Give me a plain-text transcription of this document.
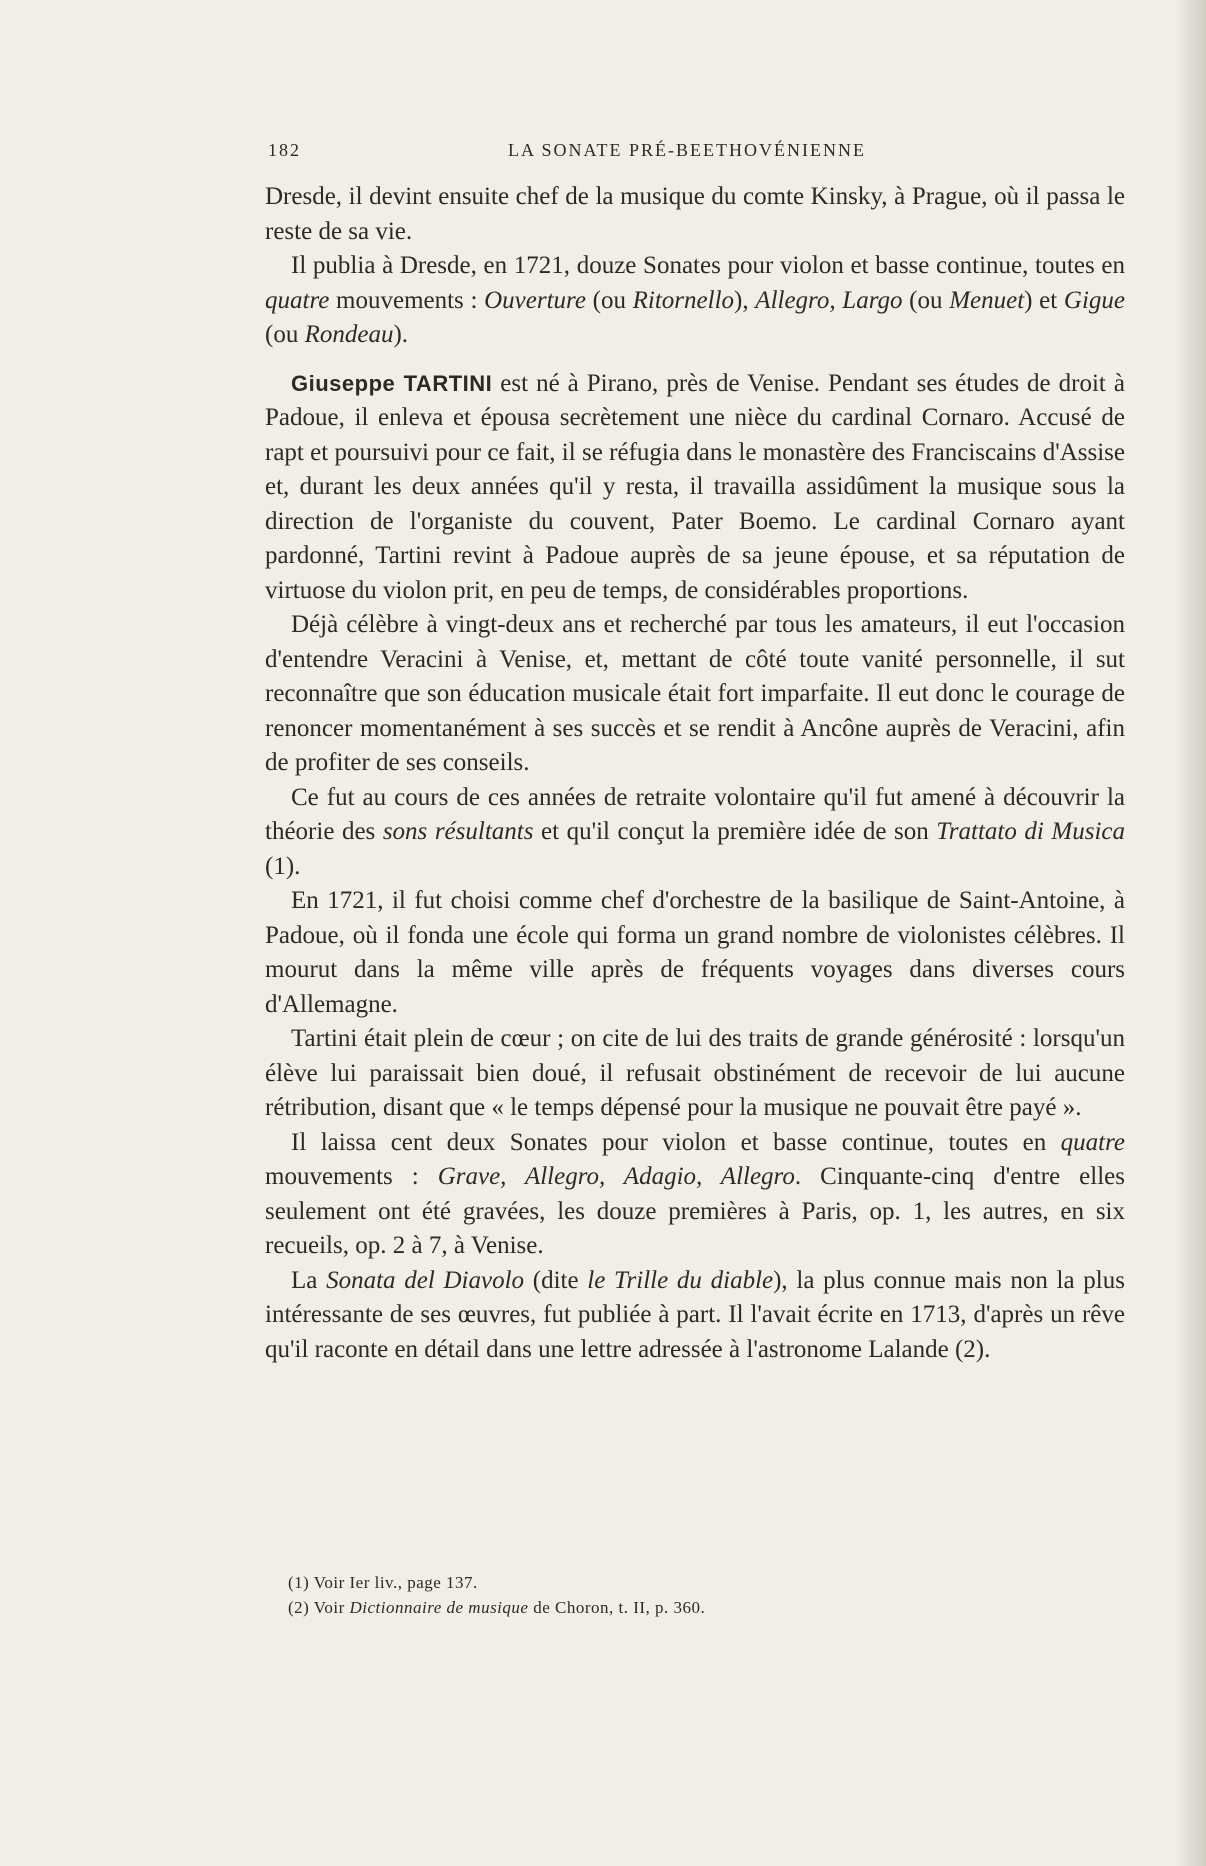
182	LA SONATE PRÉ-BEETHOVÉNIENNE

Dresde, il devint ensuite chef de la musique du comte Kinsky, à Prague, où il passa le reste de sa vie.

Il publia à Dresde, en 1721, douze Sonates pour violon et basse continue, toutes en quatre mouvements : Ouverture (ou Ritornello), Allegro, Largo (ou Menuet) et Gigue (ou Rondeau).

Giuseppe TARTINI est né à Pirano, près de Venise. Pendant ses études de droit à Padoue, il enleva et épousa secrètement une nièce du cardinal Cornaro. Accusé de rapt et poursuivi pour ce fait, il se réfugia dans le monastère des Franciscains d'Assise et, durant les deux années qu'il y resta, il travailla assidûment la musique sous la direction de l'organiste du couvent, Pater Boemo. Le cardinal Cornaro ayant pardonné, Tartini revint à Padoue auprès de sa jeune épouse, et sa réputation de virtuose du violon prit, en peu de temps, de considérables proportions.

Déjà célèbre à vingt-deux ans et recherché par tous les amateurs, il eut l'occasion d'entendre Veracini à Venise, et, mettant de côté toute vanité personnelle, il sut reconnaître que son éducation musicale était fort imparfaite. Il eut donc le courage de renoncer momentanément à ses succès et se rendit à Ancône auprès de Veracini, afin de profiter de ses conseils.

Ce fut au cours de ces années de retraite volontaire qu'il fut amené à découvrir la théorie des sons résultants et qu'il conçut la première idée de son Trattato di Musica (1).

En 1721, il fut choisi comme chef d'orchestre de la basilique de Saint-Antoine, à Padoue, où il fonda une école qui forma un grand nombre de violonistes célèbres. Il mourut dans la même ville après de fréquents voyages dans diverses cours d'Allemagne.

Tartini était plein de cœur ; on cite de lui des traits de grande générosité : lorsqu'un élève lui paraissait bien doué, il refusait obstinément de recevoir de lui aucune rétribution, disant que « le temps dépensé pour la musique ne pouvait être payé ».

Il laissa cent deux Sonates pour violon et basse continue, toutes en quatre mouvements : Grave, Allegro, Adagio, Allegro. Cinquante-cinq d'entre elles seulement ont été gravées, les douze premières à Paris, op. 1, les autres, en six recueils, op. 2 à 7, à Venise.

La Sonata del Diavolo (dite le Trille du diable), la plus connue mais non la plus intéressante de ses œuvres, fut publiée à part. Il l'avait écrite en 1713, d'après un rêve qu'il raconte en détail dans une lettre adressée à l'astronome Lalande (2).

(1) Voir Ier liv., page 137.

(2) Voir Dictionnaire de musique de Choron, t. II, p. 360.
